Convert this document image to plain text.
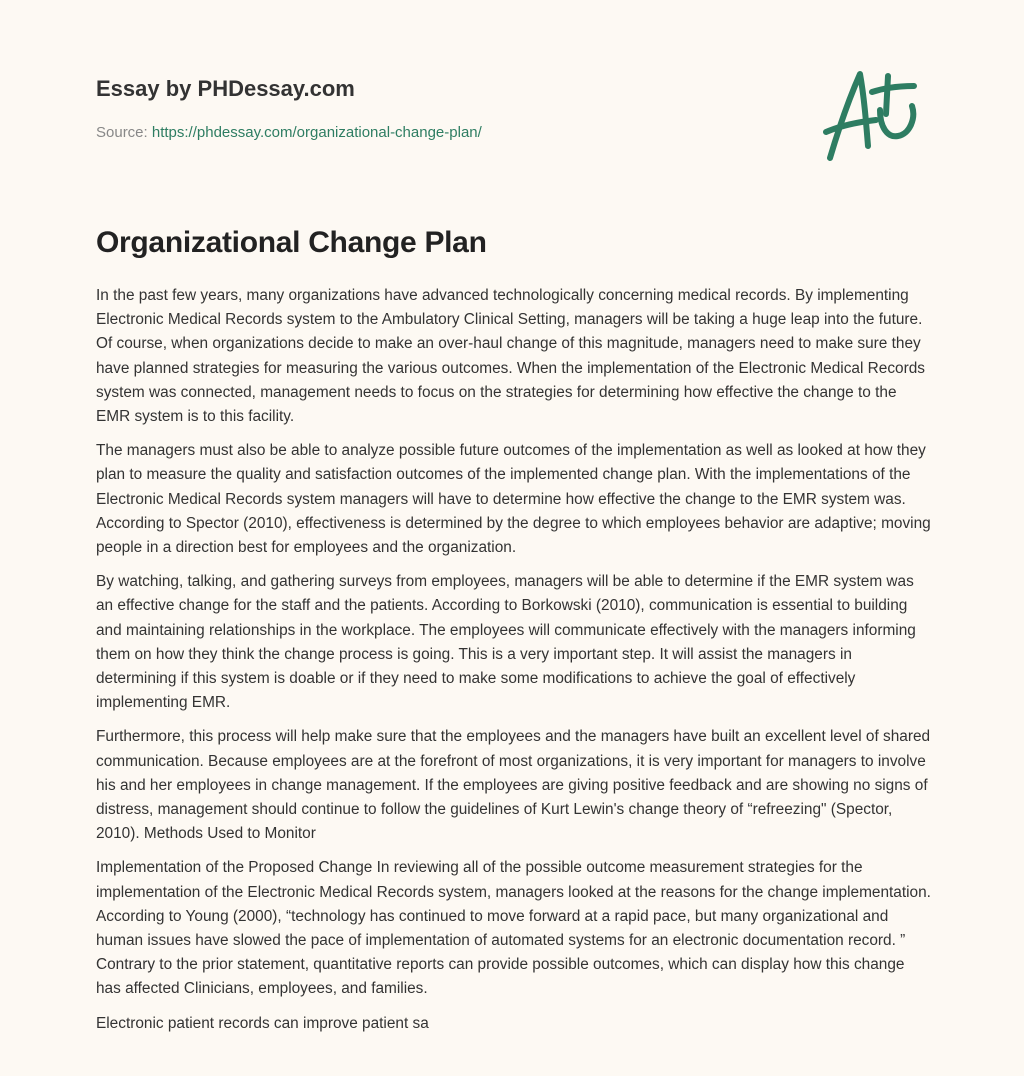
Essay by PHDessay.com
Source: https://phdessay.com/organizational-change-plan/
Organizational Change Plan

In the past few years, many organizations have advanced technologically concerning medical records. By implementing Electronic Medical Records system to the Ambulatory Clinical Setting, managers will be taking a huge leap into the future. Of course, when organizations decide to make an over-haul change of this magnitude, managers need to make sure they have planned strategies for measuring the various outcomes. When the implementation of the Electronic Medical Records system was connected, management needs to focus on the strategies for determining how effective the change to the EMR system is to this facility.

The managers must also be able to analyze possible future outcomes of the implementation as well as looked at how they plan to measure the quality and satisfaction outcomes of the implemented change plan. With the implementations of the Electronic Medical Records system managers will have to determine how effective the change to the EMR system was. According to Spector (2010), effectiveness is determined by the degree to which employees behavior are adaptive; moving people in a direction best for employees and the organization.

By watching, talking, and gathering surveys from employees, managers will be able to determine if the EMR system was an effective change for the staff and the patients. According to Borkowski (2010), communication is essential to building and maintaining relationships in the workplace. The employees will communicate effectively with the managers informing them on how they think the change process is going. This is a very important step. It will assist the managers in determining if this system is doable or if they need to make some modifications to achieve the goal of effectively implementing EMR.

Furthermore, this process will help make sure that the employees and the managers have built an excellent level of shared communication. Because employees are at the forefront of most organizations, it is very important for managers to involve his and her employees in change management. If the employees are giving positive feedback and are showing no signs of distress, management should continue to follow the guidelines of Kurt Lewin's change theory of “refreezing" (Spector, 2010). Methods Used to Monitor

Implementation of the Proposed Change In reviewing all of the possible outcome measurement strategies for the implementation of the Electronic Medical Records system, managers looked at the reasons for the change implementation. According to Young (2000), “technology has continued to move forward at a rapid pace, but many organizational and human issues have slowed the pace of implementation of automated systems for an electronic documentation record. ” Contrary to the prior statement, quantitative reports can provide possible outcomes, which can display how this change has affected Clinicians, employees, and families.

Electronic patient records can improve patient sa
